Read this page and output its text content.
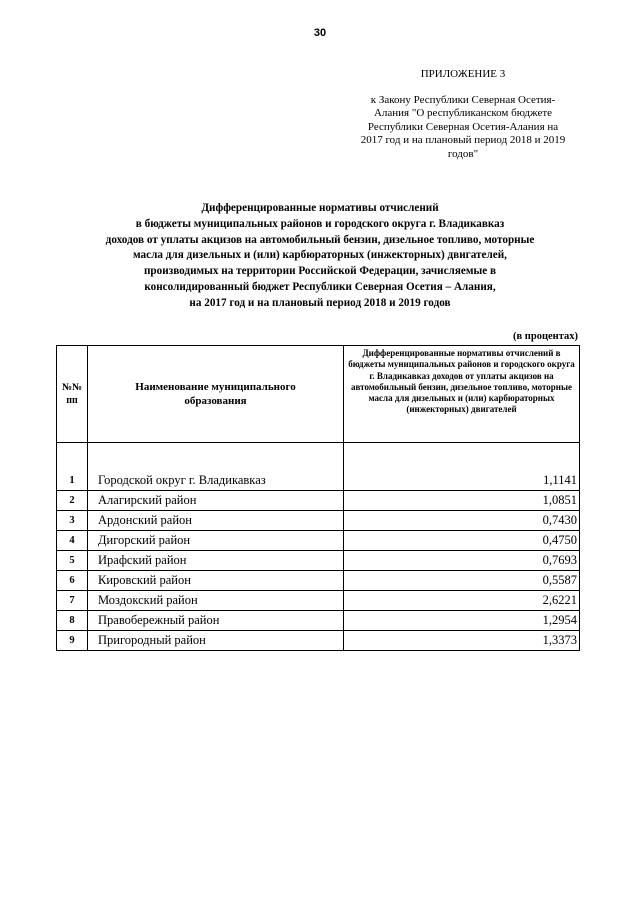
30
ПРИЛОЖЕНИЕ 3
к Закону Республики Северная Осетия-
Алания "О республиканском бюджете
Республики Северная Осетия-Алания на
2017 год и на плановый период 2018 и 2019
годов"
Дифференцированные нормативы отчислений
в бюджеты муниципальных районов и городского округа г. Владикавказ
доходов от уплаты акцизов на автомобильный бензин, дизельное топливо, моторные
масла для дизельных и (или) карбюраторных (инжекторных) двигателей,
производимых на территории Российской Федерации, зачисляемые в
консолидированный бюджет Республики Северная Осетия – Алания,
на 2017 год и на плановый период 2018 и 2019 годов
(в процентах)
№№ пп	Наименование муниципального образования	Дифференцированные нормативы отчислений в бюджеты муниципальных районов и городского округа г. Владикавказ доходов от уплаты акцизов на автомобильный бензин, дизельное топливо, моторные масла для дизельных и (или) карбюраторных (инжекторных) двигателей

1	Городской округ г. Владикавказ	1,1141
2	Алагирский район	1,0851
3	Ардонский район	0,7430
4	Дигорский район	0,4750
5	Ирафский район	0,7693
6	Кировский район	0,5587
7	Моздокский район	2,6221
8	Правобережный район	1,2954
9	Пригородный район	1,3373
